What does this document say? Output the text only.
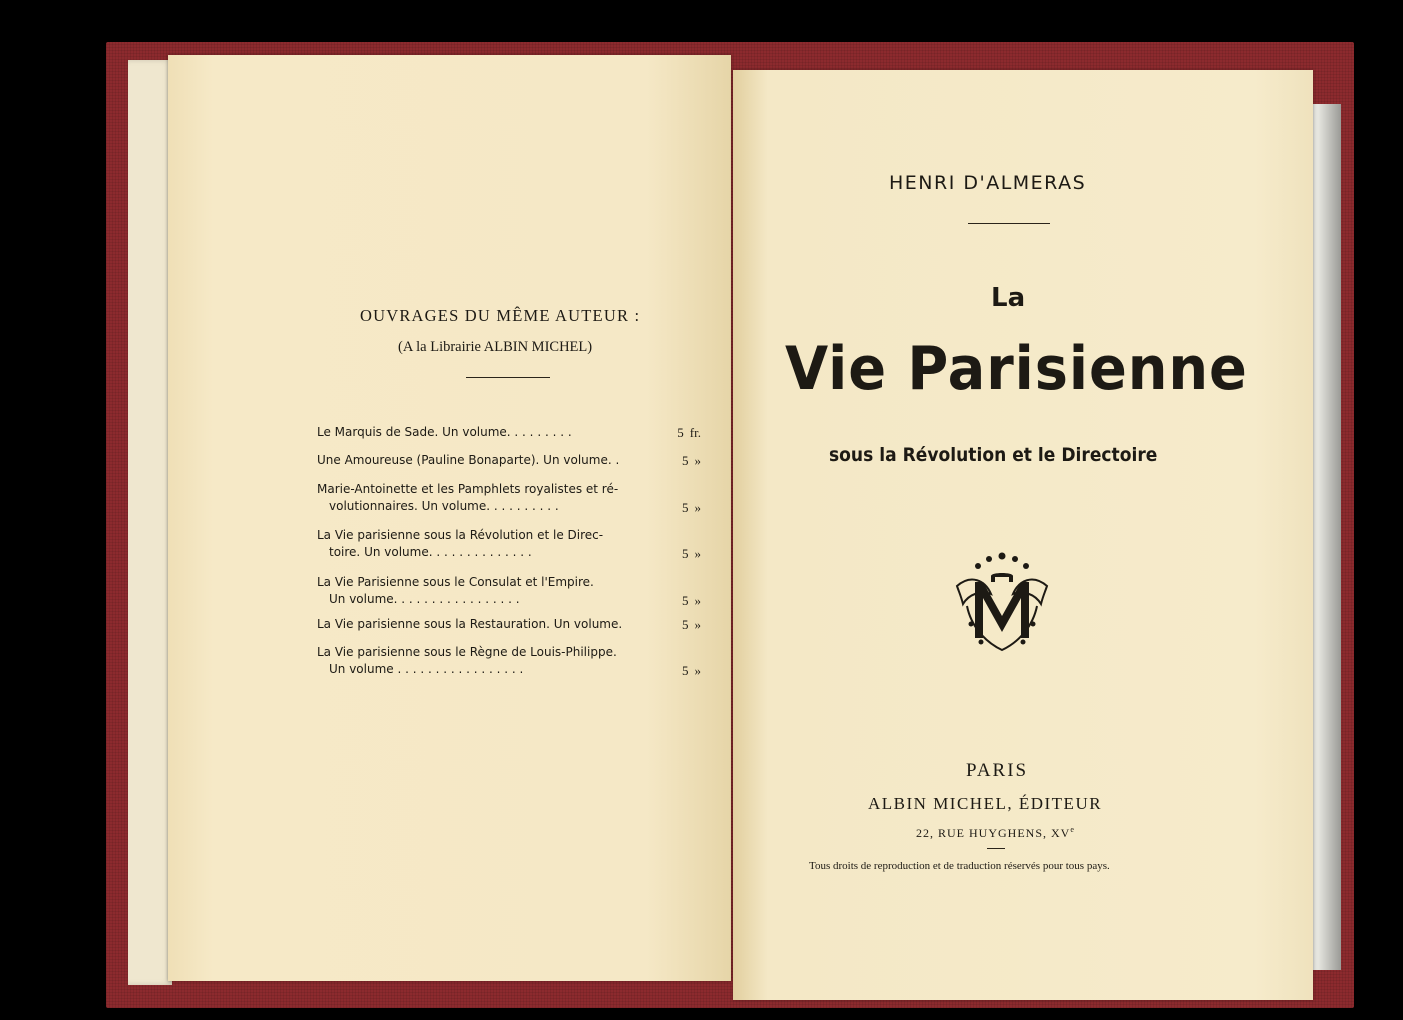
OUVRAGES DU MÊME AUTEUR :
(A la Librairie ALBIN MICHEL)
Le Marquis de Sade. Un volume. . . . . . . . .	5 fr.
Une Amoureuse (Pauline Bonaparte). Un volume. .	5 »
Marie-Antoinette et les Pamphlets royalistes et ré-
volutionnaires. Un volume. . . . . . . . . .	5 »
La Vie parisienne sous la Révolution et le Direc-
toire. Un volume. . . . . . . . . . . . . .	5 »
La Vie Parisienne sous le Consulat et l'Empire.
Un volume. . . . . . . . . . . . . . . . .	5 »
La Vie parisienne sous la Restauration. Un volume.	5 »
La Vie parisienne sous le Règne de Louis-Philippe.
Un volume . . . . . . . . . . . . . . . . .	5 »
HENRI D'ALMERAS
La
Vie Parisienne
sous la Révolution et le Directoire
PARIS
ALBIN MICHEL, ÉDITEUR
22, RUE HUYGHENS, XVe
Tous droits de reproduction et de traduction réservés pour tous pays.
